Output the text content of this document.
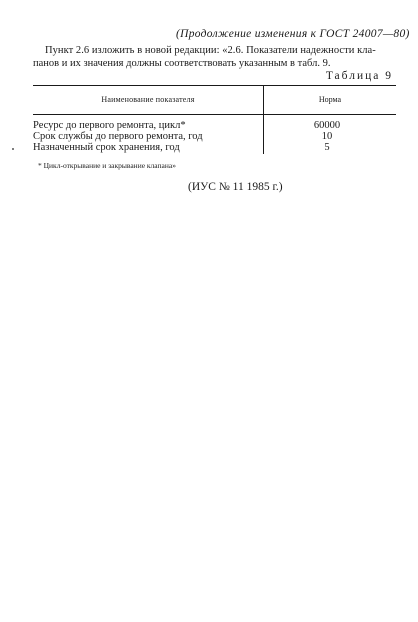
(Продолжение изменения к ГОСТ 24007—80)
Пункт 2.6 изложить в новой редакции: «2.6. Показатели надежности кла-
панов и их значения должны соответствовать указанным в табл. 9.
Таблица 9
Наименование показателя	Норма
Ресурс до первого ремонта, цикл*	60000
Срок службы до первого ремонта, год	10
Назначенный срок хранения, год	5
* Цикл-открывание и закрывание клапана»
(ИУС № 11 1985 г.)
